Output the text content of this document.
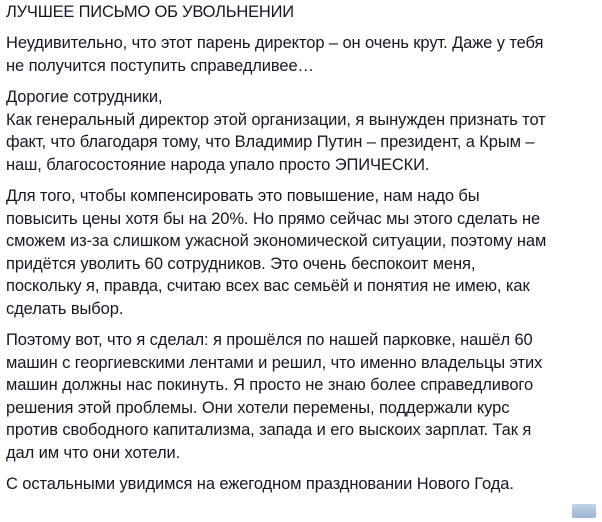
ЛУЧШЕЕ ПИСЬМО ОБ УВОЛЬНЕНИИ

Неудивительно, что этот парень директор – он очень крут. Даже у тебя
не получится поступить справедливее…

Дорогие сотрудники,
Как генеральный директор этой организации, я вынужден признать тот
факт, что благодаря тому, что Владимир Путин – президент, а Крым –
наш, благосостояние народа упало просто ЭПИЧЕСКИ.

Для того, чтобы компенсировать это повышение, нам надо бы
повысить цены хотя бы на 20%. Но прямо сейчас мы этого сделать не
сможем из-за слишком ужасной экономической ситуации, поэтому нам
придётся уволить 60 сотрудников. Это очень беспокоит меня,
поскольку я, правда, считаю всех вас семьёй и понятия не имею, как
сделать выбор.

Поэтому вот, что я сделал: я прошёлся по нашей парковке, нашёл 60
машин с георгиевскими лентами и решил, что именно владельцы этих
машин должны нас покинуть. Я просто не знаю более справедливого
решения этой проблемы. Они хотели перемены, поддержали курс
против свободного капитализма, запада и его выскоих зарплат. Так я
дал им что они хотели.

С остальными увидимся на ежегодном праздновании Нового Года.
